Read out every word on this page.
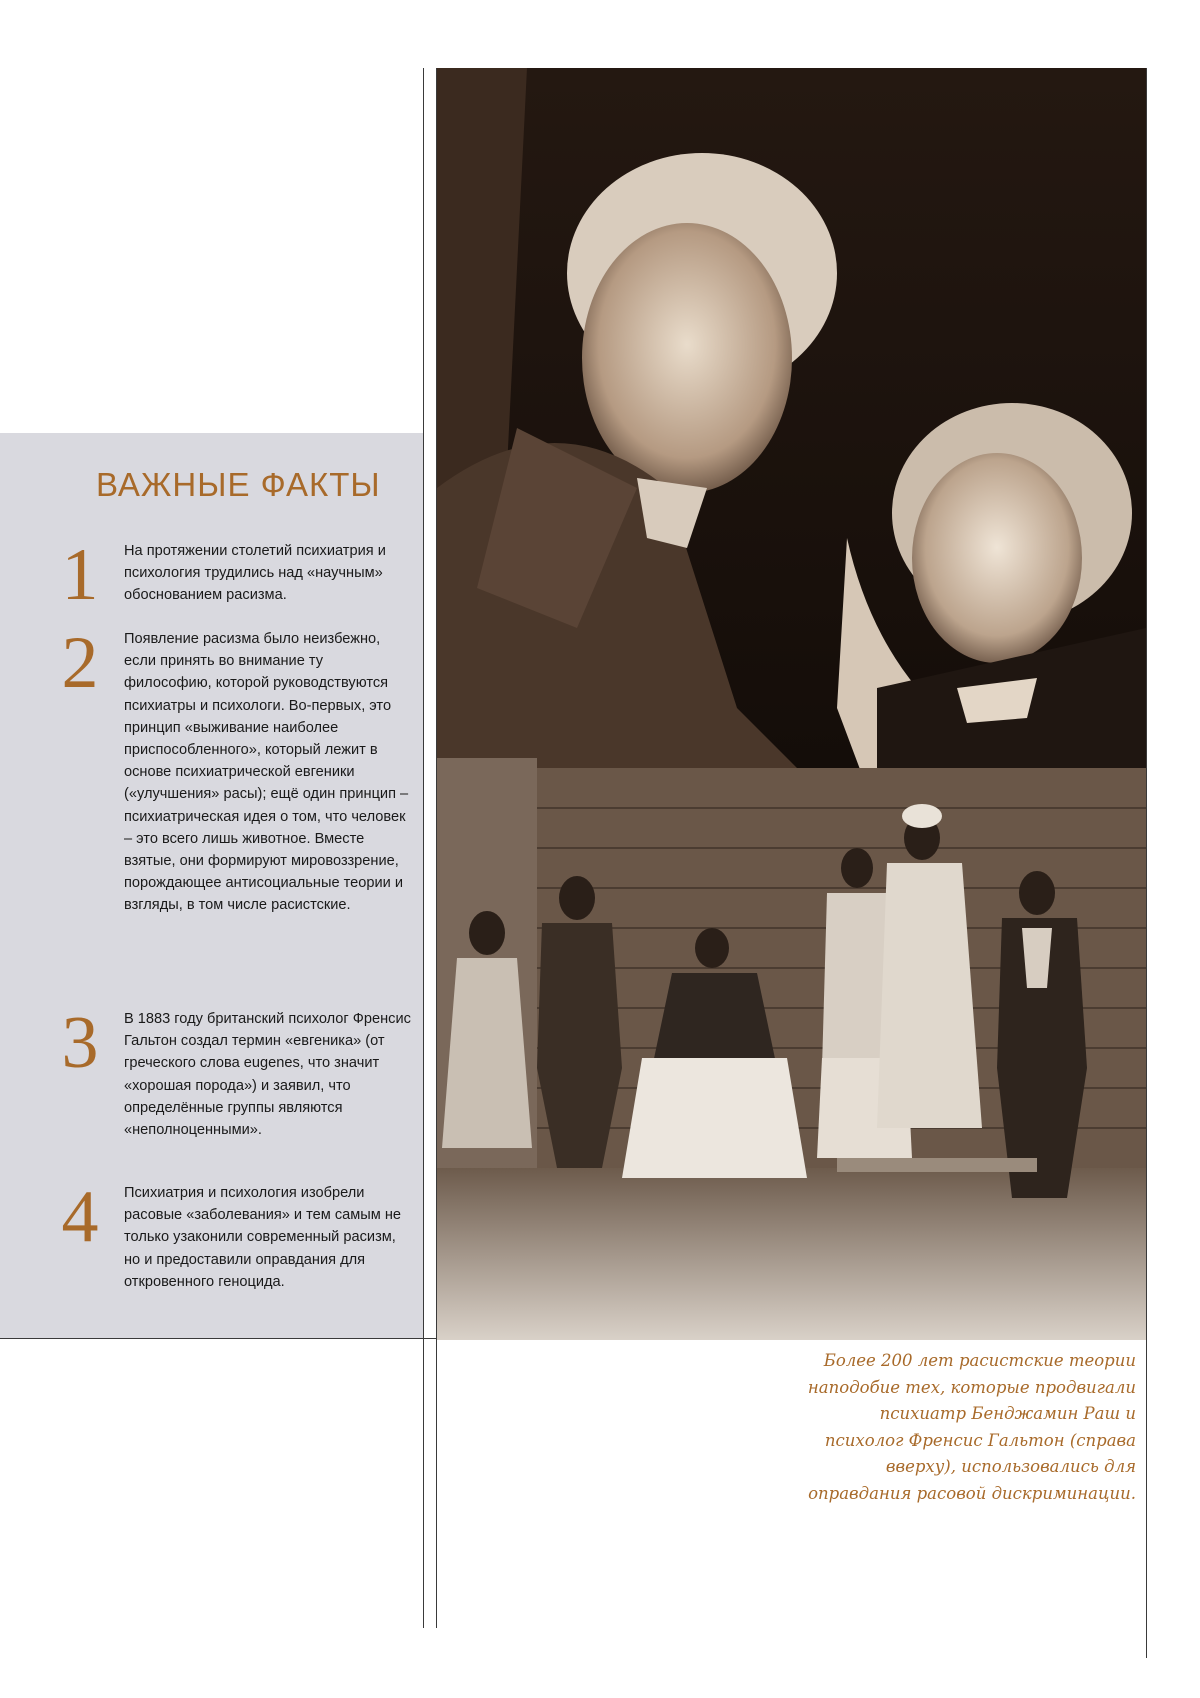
ВАЖНЫЕ ФАКТЫ
1	На протяжении столетий психиатрия и психология трудились над «научным» обоснованием расизма.
2	Появление расизма было неизбежно, если принять во внимание ту философию, которой руководствуются психиатры и психологи. Во-первых, это принцип «выживание наиболее приспособленного», который лежит в основе психиатрической евгеники («улучшения» расы); ещё один принцип – психиатрическая идея о том, что человек – это всего лишь животное. Вместе взятые, они формируют мировоззрение, порождающее антисоциальные теории и взгляды, в том числе расистские.
3	В 1883 году британский психолог Френсис Гальтон создал термин «евгеника» (от греческого слова eugenes, что значит «хорошая порода») и заявил, что определённые группы являются «неполноценными».
4	Психиатрия и психология изобрели расовые «заболевания» и тем самым не только узаконили современный расизм, но и предоставили оправдания для откровенного геноцида.
Более 200 лет расистские теории наподобие тех, которые продвигали психиатр Бенджамин Раш и психолог Френсис Гальтон (справа вверху), использовались для оправдания расовой дискриминации.
